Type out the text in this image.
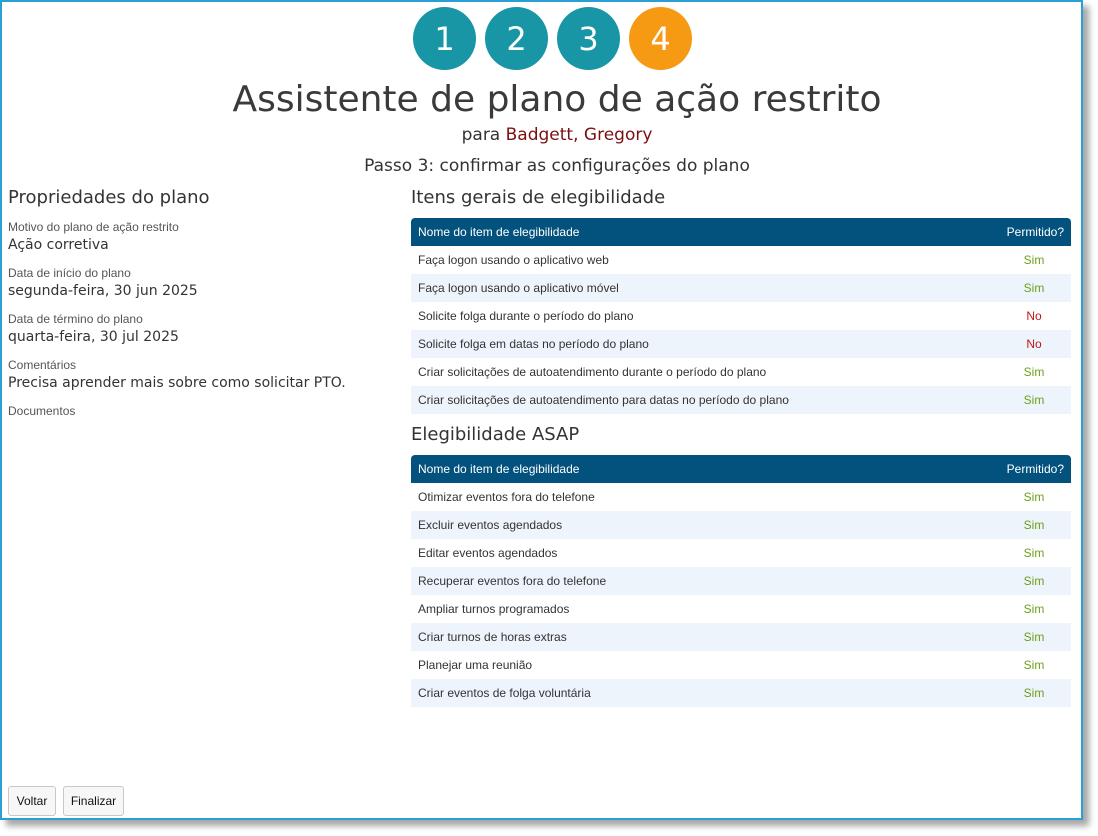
1	2	3	4
Assistente de plano de ação restrito
para Badgett, Gregory
Passo 3: confirmar as configurações do plano
Propriedades do plano
Motivo do plano de ação restrito
Ação corretiva
Data de início do plano
segunda-feira, 30 jun 2025
Data de término do plano
quarta-feira, 30 jul 2025
Comentários
Precisa aprender mais sobre como solicitar PTO.
Documentos
Itens gerais de elegibilidade
Nome do item de elegibilidade	Permitido?
Faça logon usando o aplicativo web	Sim
Faça logon usando o aplicativo móvel	Sim
Solicite folga durante o período do plano	No
Solicite folga em datas no período do plano	No
Criar solicitações de autoatendimento durante o período do plano	Sim
Criar solicitações de autoatendimento para datas no período do plano	Sim
Elegibilidade ASAP
Nome do item de elegibilidade	Permitido?
Otimizar eventos fora do telefone	Sim
Excluir eventos agendados	Sim
Editar eventos agendados	Sim
Recuperar eventos fora do telefone	Sim
Ampliar turnos programados	Sim
Criar turnos de horas extras	Sim
Planejar uma reunião	Sim
Criar eventos de folga voluntária	Sim
Voltar	Finalizar
